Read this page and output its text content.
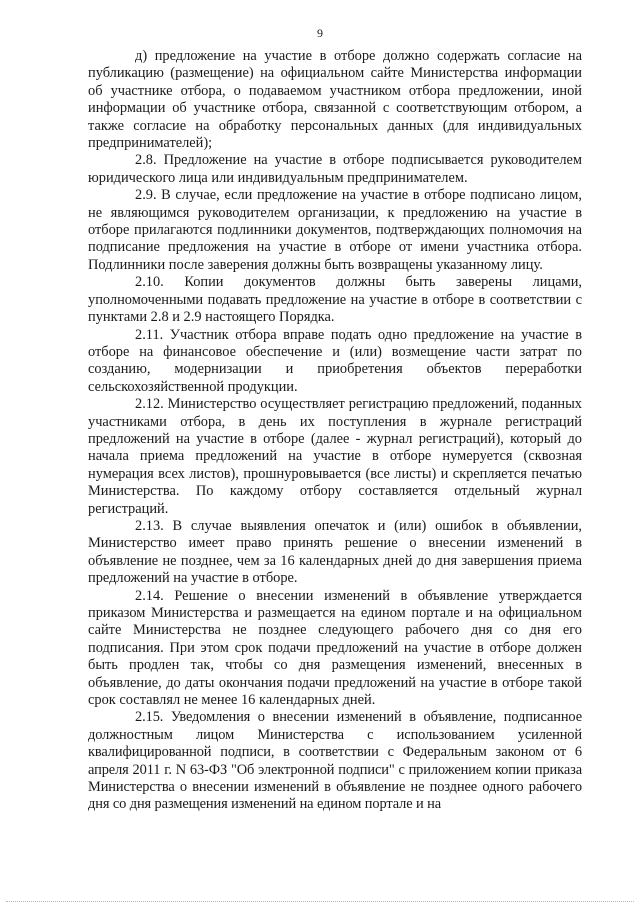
9

д) предложение на участие в отборе должно содержать согласие на публикацию (размещение) на официальном сайте Министерства информации об участнике отбора, о подаваемом участником отбора предложении, иной информации об участнике отбора, связанной с соответствующим отбором, а также согласие на обработку персональных данных (для индивидуальных предпринимателей);

2.8. Предложение на участие в отборе подписывается руководителем юридического лица или индивидуальным предпринимателем.

2.9. В случае, если предложение на участие в отборе подписано лицом, не являющимся руководителем организации, к предложению на участие в отборе прилагаются подлинники документов, подтверждающих полномочия на подписание предложения на участие в отборе от имени участника отбора. Подлинники после заверения должны быть возвращены указанному лицу.

2.10. Копии документов должны быть заверены лицами, уполномоченными подавать предложение на участие в отборе в соответствии с пунктами 2.8 и 2.9 настоящего Порядка.

2.11. Участник отбора вправе подать одно предложение на участие в отборе на финансовое обеспечение и (или) возмещение части затрат по созданию, модернизации и приобретения объектов переработки сельскохозяйственной продукции.

2.12. Министерство осуществляет регистрацию предложений, поданных участниками отбора, в день их поступления в журнале регистраций предложений на участие в отборе (далее - журнал регистраций), который до начала приема предложений на участие в отборе нумеруется (сквозная нумерация всех листов), прошнуровывается (все листы) и скрепляется печатью Министерства. По каждому отбору составляется отдельный журнал регистраций.

2.13. В случае выявления опечаток и (или) ошибок в объявлении, Министерство имеет право принять решение о внесении изменений в объявление не позднее, чем за 16 календарных дней до дня завершения приема предложений на участие в отборе.

2.14. Решение о внесении изменений в объявление утверждается приказом Министерства и размещается на едином портале и на официальном сайте Министерства не позднее следующего рабочего дня со дня его подписания. При этом срок подачи предложений на участие в отборе должен быть продлен так, чтобы со дня размещения изменений, внесенных в объявление, до даты окончания подачи предложений на участие в отборе такой срок составлял не менее 16 календарных дней.

2.15. Уведомления о внесении изменений в объявление, подписанное должностным лицом Министерства с использованием усиленной квалифицированной подписи, в соответствии с Федеральным законом от 6 апреля 2011 г. N 63-ФЗ "Об электронной подписи" с приложением копии приказа Министерства о внесении изменений в объявление не позднее одного рабочего дня со дня размещения изменений на едином портале и на
